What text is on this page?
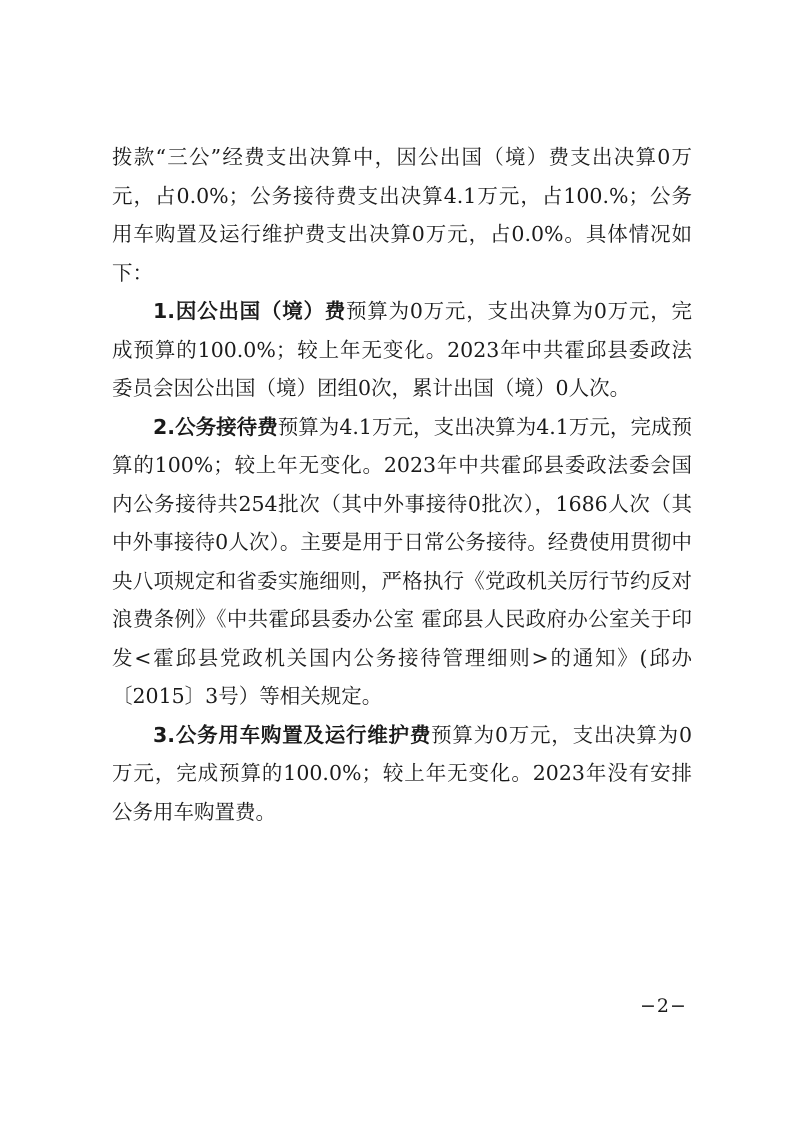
拨款“三公”经费支出决算中，因公出国（境）费支出决算0万元，占0.0%；公务接待费支出决算4.1万元，占100.%；公务用车购置及运行维护费支出决算0万元，占0.0%。具体情况如下：

1.因公出国（境）费预算为0万元，支出决算为0万元，完成预算的100.0%；较上年无变化。2023年中共霍邱县委政法委员会因公出国（境）团组0次，累计出国（境）0人次。

2.公务接待费预算为4.1万元，支出决算为4.1万元，完成预算的100%；较上年无变化。2023年中共霍邱县委政法委会国内公务接待共254批次（其中外事接待0批次），1686人次（其中外事接待0人次）。主要是用于日常公务接待。经费使用贯彻中央八项规定和省委实施细则，严格执行《党政机关厉行节约反对浪费条例》《中共霍邱县委办公室 霍邱县人民政府办公室关于印发<霍邱县党政机关国内公务接待管理细则>的通知》(邱办〔2015〕3号）等相关规定。

3.公务用车购置及运行维护费预算为0万元，支出决算为0万元，完成预算的100.0%；较上年无变化。2023年没有安排公务用车购置费。

−2−
